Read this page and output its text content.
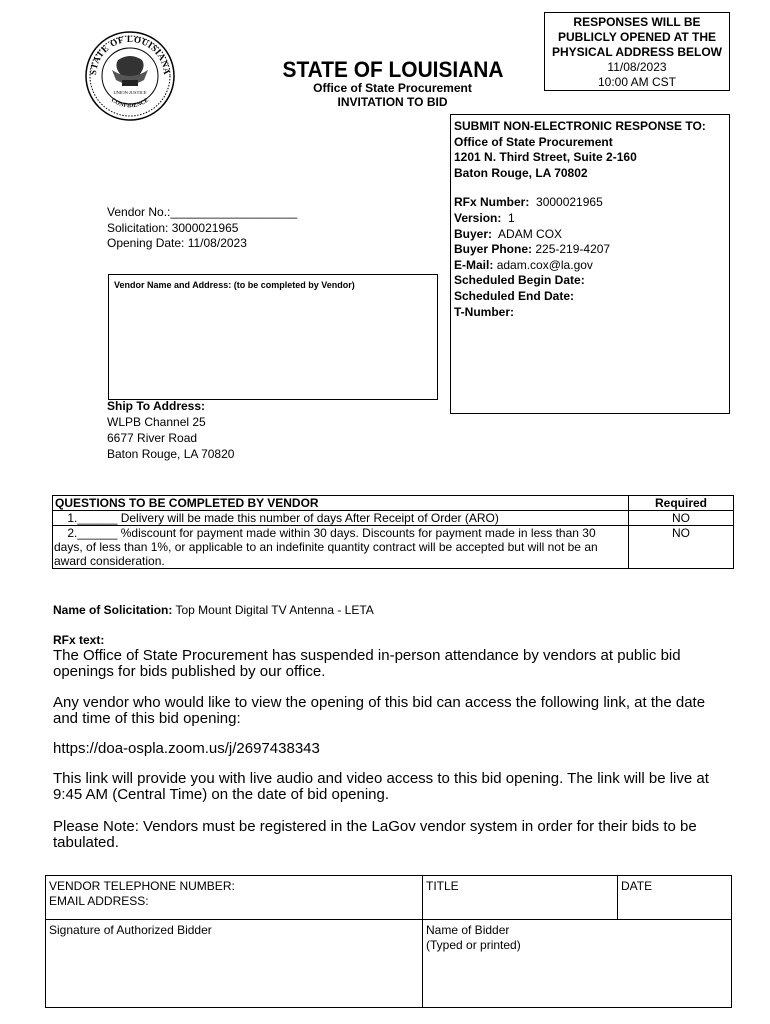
STATE OF LOUISIANA
CONFIDENCE
UNION JUSTICE
STATE OF LOUISIANA
Office of State Procurement
INVITATION TO BID
RESPONSES WILL BE
PUBLICLY OPENED AT THE
PHYSICAL ADDRESS BELOW
11/08/2023
10:00 AM CST
SUBMIT NON-ELECTRONIC RESPONSE TO:
Office of State Procurement
1201 N. Third Street, Suite 2-160
Baton Rouge, LA 70802
RFx Number: 3000021965
Version: 1
Buyer: ADAM COX
Buyer Phone: 225-219-4207
E-Mail: adam.cox@la.gov
Scheduled Begin Date:
Scheduled End Date:
T-Number:
Vendor No.:___________________
Solicitation: 3000021965
Opening Date: 11/08/2023
Vendor Name and Address: (to be completed by Vendor)
Ship To Address:
WLPB Channel 25
6677 River Road
Baton Rouge, LA 70820
QUESTIONS TO BE COMPLETED BY VENDOR	Required
1.______ Delivery will be made this number of days After Receipt of Order (ARO)	NO
2.______ %discount for payment made within 30 days. Discounts for payment made in less than 30 days, of less than 1%, or applicable to an indefinite quantity contract will be accepted but will not be an award consideration.	NO
Name of Solicitation: Top Mount Digital TV Antenna - LETA
RFx text:
The Office of State Procurement has suspended in-person attendance by vendors at public bid openings for bids published by our office.
Any vendor who would like to view the opening of this bid can access the following link, at the date and time of this bid opening:
https://doa-ospla.zoom.us/j/2697438343
This link will provide you with live audio and video access to this bid opening. The link will be live at 9:45 AM (Central Time) on the date of bid opening.
Please Note: Vendors must be registered in the LaGov vendor system in order for their bids to be tabulated.
VENDOR TELEPHONE NUMBER:
EMAIL ADDRESS:	TITLE	DATE

Signature of Authorized Bidder	Name of Bidder
(Typed or printed)	
